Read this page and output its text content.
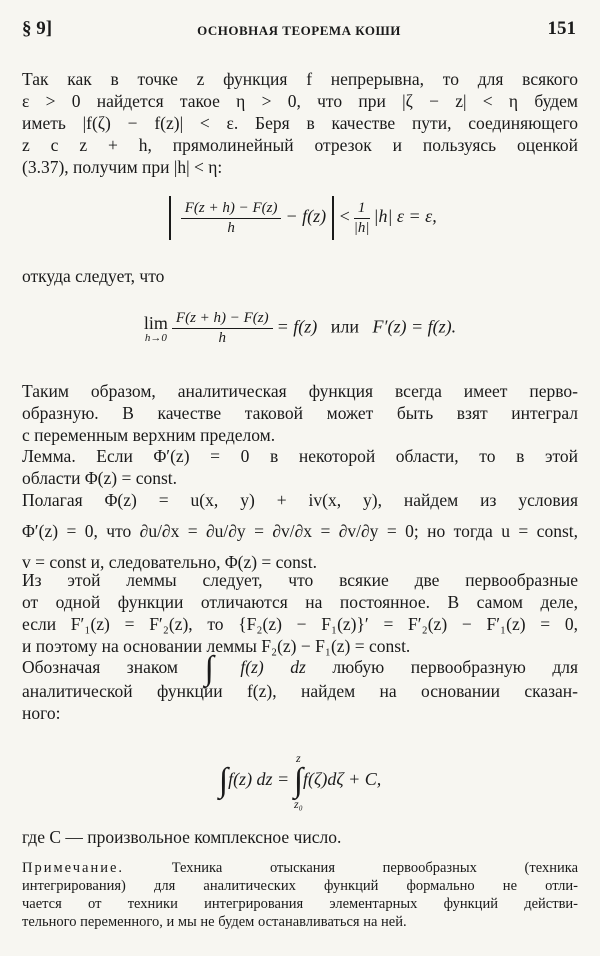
§ 9]	ОСНОВНАЯ ТЕОРЕМА КОШИ	151
Так как в точке z функция f непрерывна, то для всякого
ε > 0 найдется такое η > 0, что при |ζ − z| < η будем
иметь |f(ζ) − f(z)| < ε. Беря в качестве пути, соединяющего
z с z + h, прямолинейный отрезок и пользуясь оценкой
(3.37), получим при |h| < η:
$\frac{F(z + h) - F(z)}{h} - f(z) < \frac{1}{|h|} |h|$ ε = ε,
откуда следует, что
lim
$h\to 0 \frac{F(z + h) - F(z)}{h} = f(z)$ или F′(z) = f(z).
Таким образом, аналитическая функция всегда имеет перво-
образную. В качестве таковой может быть взят интеграл
с переменным верхним пределом.
Лемма. Если Φ′(z) = 0 в некоторой области, то в этой
области Φ(z) = const.
Полагая Φ(z) = u(x, y) + iv(x, y), найдем из условия
Φ′(z) = 0, что ∂u/∂x = ∂u/∂y = ∂v/∂x = ∂v/∂y = 0; но тогда u = const,
v = const и, следовательно, Φ(z) = const.
Из этой леммы следует, что всякие две первообразные
от одной функции отличаются на постоянное. В самом деле,
если F′₁(z) = F′₂(z), то {F₂(z) − F₁(z)}′ = F′₂(z) − F′₁(z) = 0,
и поэтому на основании леммы F₂(z) − F₁(z) = const.
Обозначая знаком ∫ f(z) dz любую первообразную для
аналитической функции f(z), найдем на основании сказан-
ного:
∫f(z) dz =
z
∫
z₀
f(ζ)dζ + C,
где C — произвольное комплексное число.
Примечание.	Техника отыскания первообразных (техника
интегрирования) для аналитических функций формально не отли-
чается от техники интегрирования элементарных функций действи-
тельного переменного, и мы не будем останавливаться на ней.
